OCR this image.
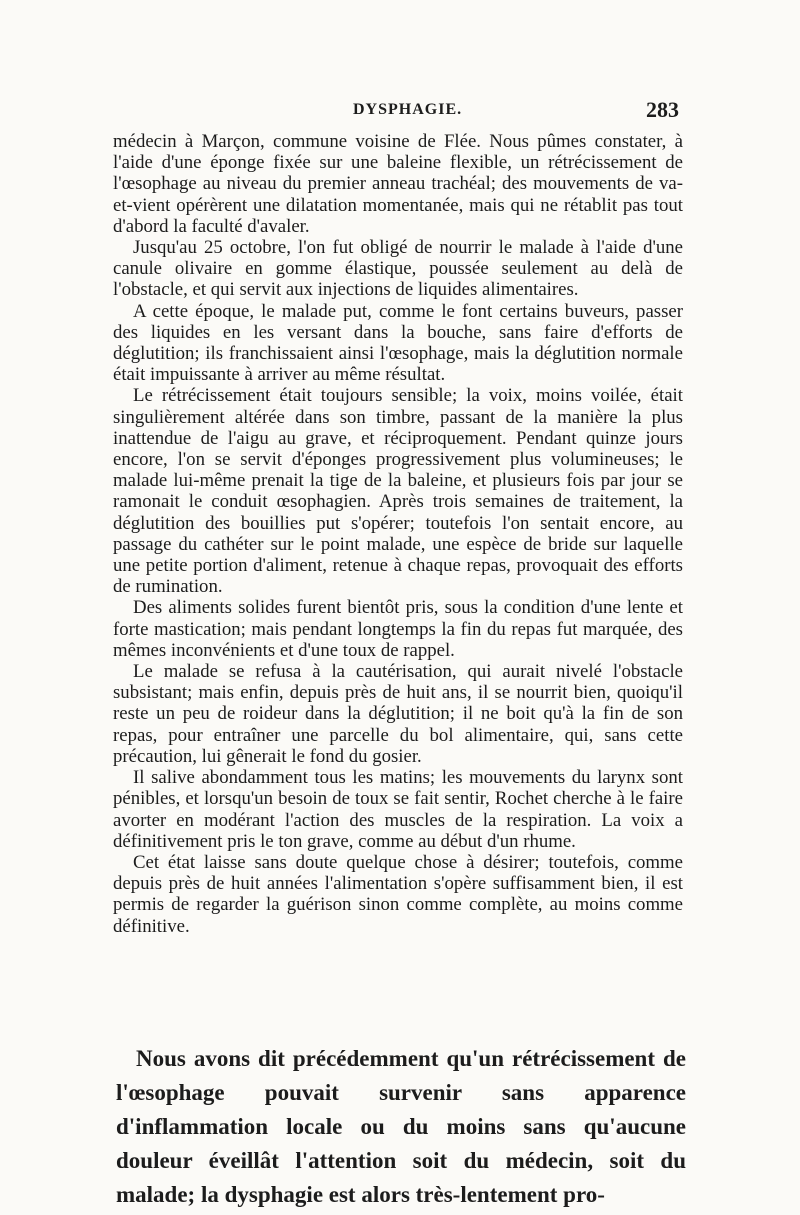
DYSPHAGIE.	283

médecin à Marçon, commune voisine de Flée. Nous pûmes constater, à l'aide d'une éponge fixée sur une baleine flexible, un rétrécissement de l'œsophage au niveau du premier anneau trachéal; des mouvements de va-et-vient opérèrent une dilatation momentanée, mais qui ne rétablit pas tout d'abord la faculté d'avaler.

Jusqu'au 25 octobre, l'on fut obligé de nourrir le malade à l'aide d'une canule olivaire en gomme élastique, poussée seulement au delà de l'obstacle, et qui servit aux injections de liquides alimentaires.

A cette époque, le malade put, comme le font certains buveurs, passer des liquides en les versant dans la bouche, sans faire d'efforts de déglutition; ils franchissaient ainsi l'œsophage, mais la déglutition normale était impuissante à arriver au même résultat.

Le rétrécissement était toujours sensible; la voix, moins voilée, était singulièrement altérée dans son timbre, passant de la manière la plus inattendue de l'aigu au grave, et réciproquement. Pendant quinze jours encore, l'on se servit d'éponges progressivement plus volumineuses; le malade lui-même prenait la tige de la baleine, et plusieurs fois par jour se ramonait le conduit œsophagien. Après trois semaines de traitement, la déglutition des bouillies put s'opérer; toutefois l'on sentait encore, au passage du cathéter sur le point malade, une espèce de bride sur laquelle une petite portion d'aliment, retenue à chaque repas, provoquait des efforts de rumination.

Des aliments solides furent bientôt pris, sous la condition d'une lente et forte mastication; mais pendant longtemps la fin du repas fut marquée, des mêmes inconvénients et d'une toux de rappel.

Le malade se refusa à la cautérisation, qui aurait nivelé l'obstacle subsistant; mais enfin, depuis près de huit ans, il se nourrit bien, quoiqu'il reste un peu de roideur dans la déglutition; il ne boit qu'à la fin de son repas, pour entraîner une parcelle du bol alimentaire, qui, sans cette précaution, lui gênerait le fond du gosier.

Il salive abondamment tous les matins; les mouvements du larynx sont pénibles, et lorsqu'un besoin de toux se fait sentir, Rochet cherche à le faire avorter en modérant l'action des muscles de la respiration. La voix a définitivement pris le ton grave, comme au début d'un rhume.

Cet état laisse sans doute quelque chose à désirer; toutefois, comme depuis près de huit années l'alimentation s'opère suffisamment bien, il est permis de regarder la guérison sinon comme complète, au moins comme définitive.

Nous avons dit précédemment qu'un rétrécissement de l'œsophage pouvait survenir sans apparence d'inflammation locale ou du moins sans qu'aucune douleur éveillât l'attention soit du médecin, soit du malade; la dysphagie est alors très-lentement pro-
